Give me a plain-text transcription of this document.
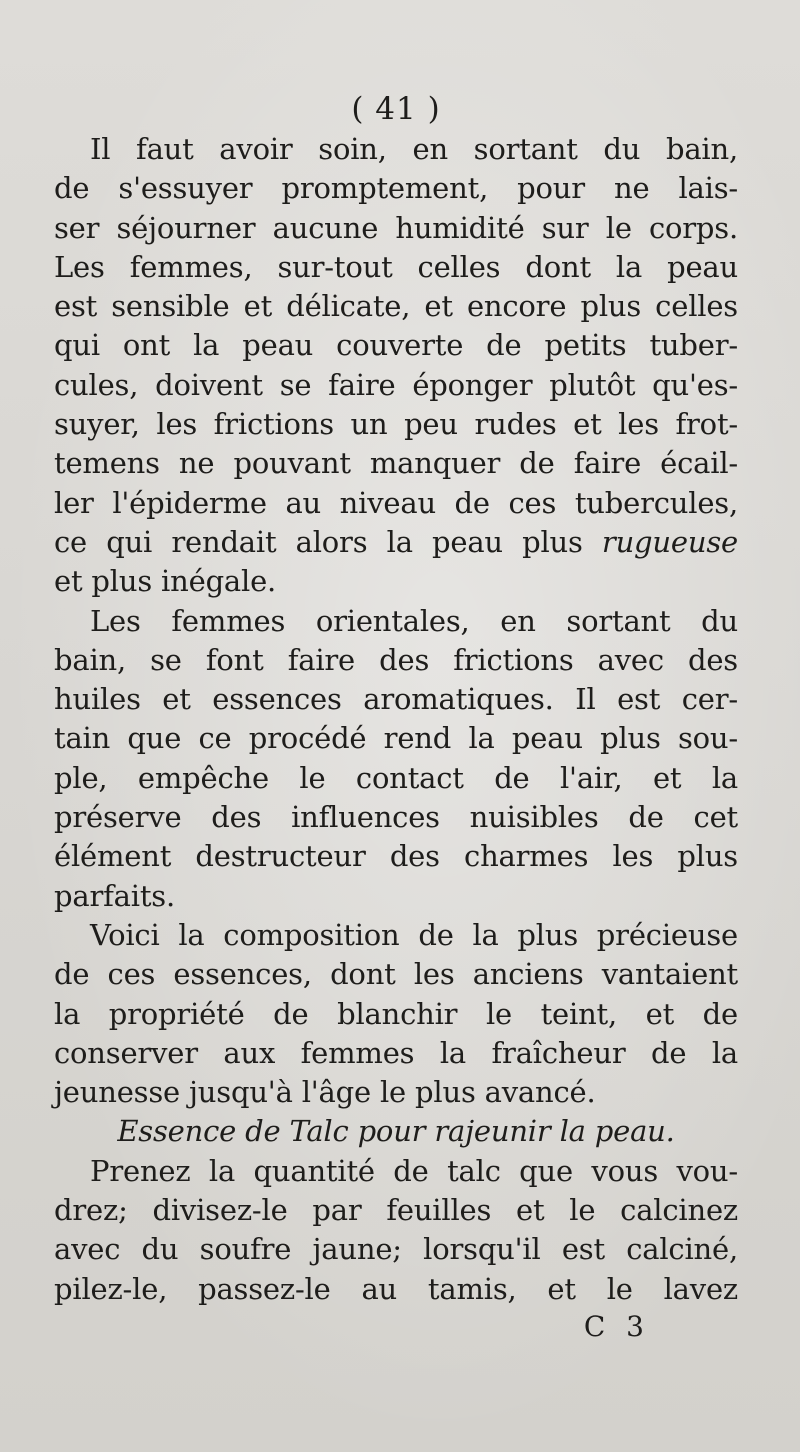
( 41 )
Il faut avoir soin, en sortant du bain,
de s'essuyer promptement, pour ne lais-
ser séjourner aucune humidité sur le corps.
Les femmes, sur-tout celles dont la peau
est sensible et délicate, et encore plus celles
qui ont la peau couverte de petits tuber-
cules, doivent se faire éponger plutôt qu'es-
suyer, les frictions un peu rudes et les frot-
temens ne pouvant manquer de faire écail-
ler l'épiderme au niveau de ces tubercules,
ce qui rendait alors la peau plus rugueuse
et plus inégale.
Les femmes orientales, en sortant du
bain, se font faire des frictions avec des
huiles et essences aromatiques. Il est cer-
tain que ce procédé rend la peau plus sou-
ple, empêche le contact de l'air, et la
préserve des influences nuisibles de cet
élément destructeur des charmes les plus
parfaits.
Voici la composition de la plus précieuse
de ces essences, dont les anciens vantaient
la propriété de blanchir le teint, et de
conserver aux femmes la fraîcheur de la
jeunesse jusqu'à l'âge le plus avancé.
Essence de Talc pour rajeunir la peau.
Prenez la quantité de talc que vous vou-
drez; divisez-le par feuilles et le calcinez
avec du soufre jaune; lorsqu'il est calciné,
pilez-le, passez-le au tamis, et le lavez
C 3
